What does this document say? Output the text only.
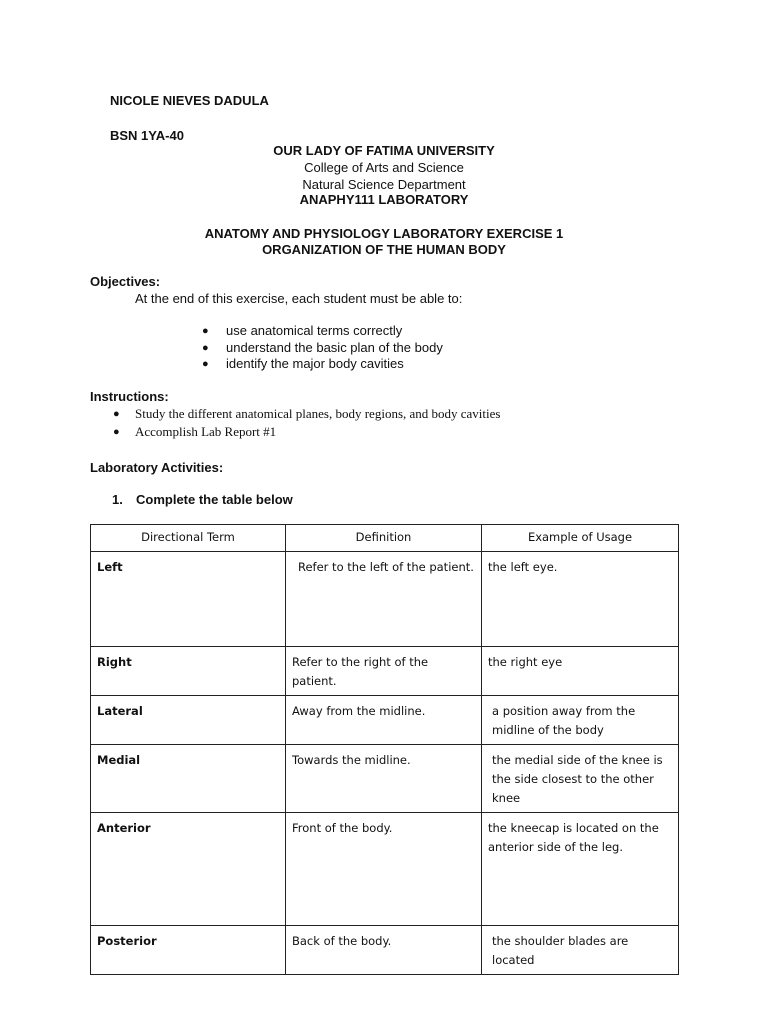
NICOLE NIEVES DADULA
BSN 1YA-40
OUR LADY OF FATIMA UNIVERSITY
College of Arts and Science
Natural Science Department
ANAPHY111 LABORATORY
ANATOMY AND PHYSIOLOGY LABORATORY EXERCISE 1
ORGANIZATION OF THE HUMAN BODY
Objectives:
At the end of this exercise, each student must be able to:
● use anatomical terms correctly
● understand the basic plan of the body
● identify the major body cavities
Instructions:
● Study the different anatomical planes, body regions, and body cavities
● Accomplish Lab Report #1
Laboratory Activities:
1. Complete the table below
Directional Term	Definition	Example of Usage
Left	Refer to the left of the patient.	the left eye.
Right	Refer to the right of the patient.	the right eye
Lateral	Away from the midline.	a position away from the midline of the body
Medial	Towards the midline.	the medial side of the knee is the side closest to the other knee
Anterior	Front of the body.	the kneecap is located on the anterior side of the leg.
Posterior	Back of the body.	the shoulder blades are located
